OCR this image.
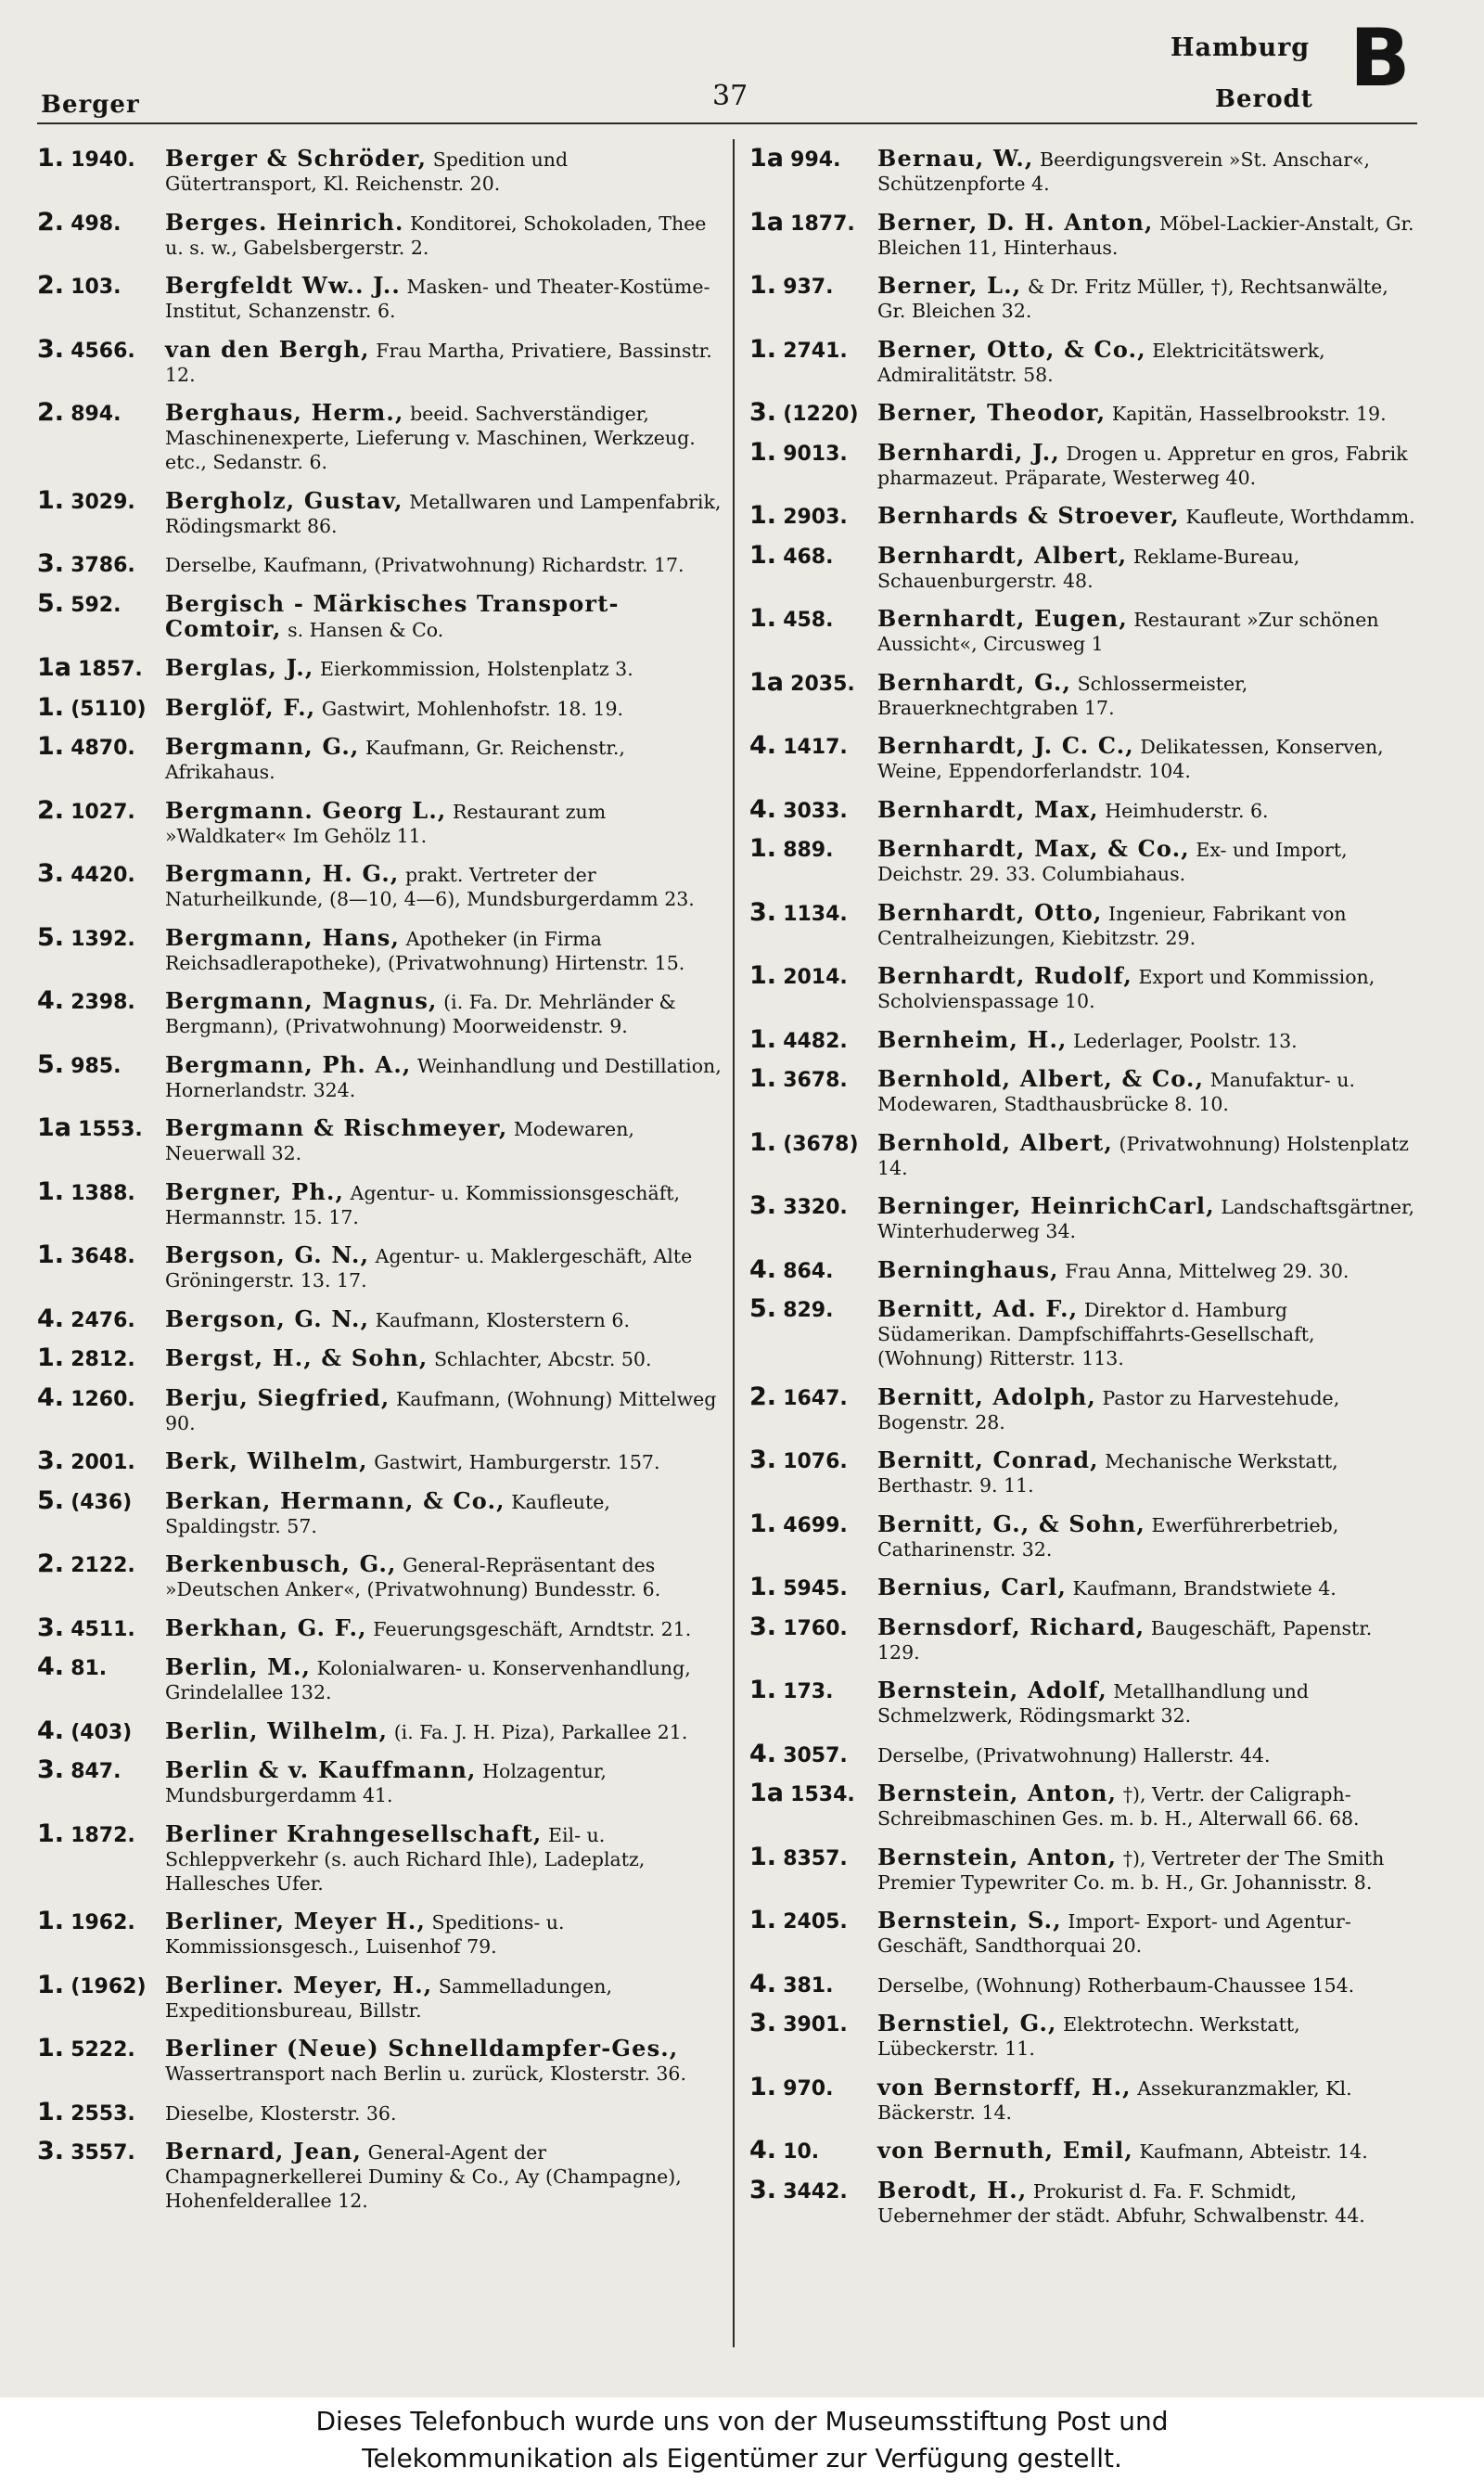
Berger	37
Hamburg
Berodt B
1. 1940. Berger & Schröder, Spedition und Gütertransport, Kl. Reichenstr. 20.
2. 498. Berges. Heinrich. Konditorei, Schokoladen, Thee u. s. w., Gabelsbergerstr. 2.
2. 103. Bergfeldt Ww.. J.. Masken- und Theater-Kostüme-Institut, Schanzenstr. 6.
3. 4566. van den Bergh, Frau Martha, Privatiere, Bassinstr. 12.
2. 894. Berghaus, Herm., beeid. Sachverständiger, Maschinenexperte, Lieferung v. Maschinen, Werkzeug. etc., Sedanstr. 6.
1. 3029. Bergholz, Gustav, Metallwaren und Lampenfabrik, Rödingsmarkt 86.
3. 3786. Derselbe, Kaufmann, (Privatwohnung) Richardstr. 17.
5. 592. Bergisch - Märkisches Transport-Comtoir, s. Hansen & Co.
1a 1857. Berglas, J., Eierkommission, Holstenplatz 3.
1. (5110) Berglöf, F., Gastwirt, Mohlenhofstr. 18. 19.
1. 4870. Bergmann, G., Kaufmann, Gr. Reichenstr., Afrikahaus.
2. 1027. Bergmann. Georg L., Restaurant zum »Waldkater« Im Gehölz 11.
3. 4420. Bergmann, H. G., prakt. Vertreter der Naturheilkunde, (8—10, 4—6), Mundsburgerdamm 23.
5. 1392. Bergmann, Hans, Apotheker (in Firma Reichsadlerapotheke), (Privatwohnung) Hirtenstr. 15.
4. 2398. Bergmann, Magnus, (i. Fa. Dr. Mehrländer & Bergmann), (Privatwohnung) Moorweidenstr. 9.
5. 985. Bergmann, Ph. A., Weinhandlung und Destillation, Hornerlandstr. 324.
1a 1553. Bergmann & Rischmeyer, Modewaren, Neuerwall 32.
1. 1388. Bergner, Ph., Agentur- u. Kommissionsgeschäft, Hermannstr. 15. 17.
1. 3648. Bergson, G. N., Agentur- u. Maklergeschäft, Alte Gröningerstr. 13. 17.
4. 2476. Bergson, G. N., Kaufmann, Klosterstern 6.
1. 2812. Bergst, H., & Sohn, Schlachter, Abcstr. 50.
4. 1260. Berju, Siegfried, Kaufmann, (Wohnung) Mittelweg 90.
3. 2001. Berk, Wilhelm, Gastwirt, Hamburgerstr. 157.
5. (436) Berkan, Hermann, & Co., Kaufleute, Spaldingstr. 57.
2. 2122. Berkenbusch, G., General-Repräsentant des »Deutschen Anker«, (Privatwohnung) Bundesstr. 6.
3. 4511. Berkhan, G. F., Feuerungsgeschäft, Arndtstr. 21.
4. 81.	Berlin, M., Kolonialwaren- u. Konservenhandlung, Grindelallee 132.
4. (403) Berlin, Wilhelm, (i. Fa. J. H. Piza), Parkallee 21.
3. 847. Berlin & v. Kauffmann, Holzagentur, Mundsburgerdamm 41.
1. 1872. Berliner Krahngesellschaft, Eil- u. Schleppverkehr (s. auch Richard Ihle), Ladeplatz, Hallesches Ufer.
1. 1962. Berliner, Meyer H., Speditions- u. Kommissionsgesch., Luisenhof 79.
1. (1962) Berliner. Meyer, H., Sammelladungen, Expeditionsbureau, Billstr.
1. 5222. Berliner (Neue) Schnelldampfer-Ges., Wassertransport nach Berlin u. zurück, Klosterstr. 36.
1. 2553. Dieselbe, Klosterstr. 36.
3. 3557. Bernard, Jean, General-Agent der Champagnerkellerei Duminy & Co., Ay (Champagne), Hohenfelderallee 12.
1a 994. Bernau, W., Beerdigungsverein »St. Anschar«, Schützenpforte 4.
1a 1877. Berner, D. H. Anton, Möbel-Lackier-Anstalt, Gr. Bleichen 11, Hinterhaus.
1. 937. Berner, L., & Dr. Fritz Müller, †), Rechtsanwälte, Gr. Bleichen 32.
1. 2741. Berner, Otto, & Co., Elektricitätswerk, Admiralitätstr. 58.
3. (1220) Berner, Theodor, Kapitän, Hasselbrookstr. 19.
1. 9013. Bernhardi, J., Drogen u. Appretur en gros, Fabrik pharmazeut. Präparate, Westerweg 40.
1. 2903. Bernhards & Stroever, Kaufleute, Worthdamm.
1. 468. Bernhardt, Albert, Reklame-Bureau, Schauenburgerstr. 48.
1. 458. Bernhardt, Eugen, Restaurant »Zur schönen Aussicht«, Circusweg 1
1a 2035. Bernhardt, G., Schlossermeister, Brauerknechtgraben 17.
4. 1417. Bernhardt, J. C. C., Delikatessen, Konserven, Weine, Eppendorferlandstr. 104.
4. 3033. Bernhardt, Max, Heimhuderstr. 6.
1. 889. Bernhardt, Max, & Co., Ex- und Import, Deichstr. 29. 33. Columbiahaus.
3. 1134. Bernhardt, Otto, Ingenieur, Fabrikant von Centralheizungen, Kiebitzstr. 29.
1. 2014. Bernhardt, Rudolf, Export und Kommission, Scholvienspassage 10.
1. 4482. Bernheim, H., Lederlager, Poolstr. 13.
1. 3678. Bernhold, Albert, & Co., Manufaktur- u. Modewaren, Stadthausbrücke 8. 10.
1. (3678) Bernhold, Albert, (Privatwohnung) Holstenplatz 14.
3. 3320. Berninger, HeinrichCarl, Landschaftsgärtner, Winterhuderweg 34.
4. 864. Berninghaus, Frau Anna, Mittelweg 29. 30.
5. 829. Bernitt, Ad. F., Direktor d. Hamburg Südamerikan. Dampfschiffahrts-Gesellschaft, (Wohnung) Ritterstr. 113.
2. 1647. Bernitt, Adolph, Pastor zu Harvestehude, Bogenstr. 28.
3. 1076. Bernitt, Conrad, Mechanische Werkstatt, Berthastr. 9. 11.
1. 4699. Bernitt, G., & Sohn, Ewerführerbetrieb, Catharinenstr. 32.
1. 5945. Bernius, Carl, Kaufmann, Brandstwiete 4.
3. 1760. Bernsdorf, Richard, Baugeschäft, Papenstr. 129.
1. 173. Bernstein, Adolf, Metallhandlung und Schmelzwerk, Rödingsmarkt 32.
4. 3057. Derselbe, (Privatwohnung) Hallerstr. 44.
1a 1534. Bernstein, Anton, †), Vertr. der Caligraph-Schreibmaschinen Ges. m. b. H., Alterwall 66. 68.
1. 8357. Bernstein, Anton, †), Vertreter der The Smith Premier Typewriter Co. m. b. H., Gr. Johannisstr. 8.
1. 2405. Bernstein, S., Import- Export- und Agentur-Geschäft, Sandthorquai 20.
4. 381. Derselbe, (Wohnung) Rotherbaum-Chaussee 154.
3. 3901. Bernstiel, G., Elektrotechn. Werkstatt, Lübeckerstr. 11.
1. 970. von Bernstorff, H., Assekuranzmakler, Kl. Bäckerstr. 14.
4. 10.	von Bernuth, Emil, Kaufmann, Abteistr. 14.
3. 3442. Berodt, H., Prokurist d. Fa. F. Schmidt, Uebernehmer der städt. Abfuhr, Schwalbenstr. 44.
Dieses Telefonbuch wurde uns von der Museumsstiftung Post und
Telekommunikation als Eigentümer zur Verfügung gestellt.
